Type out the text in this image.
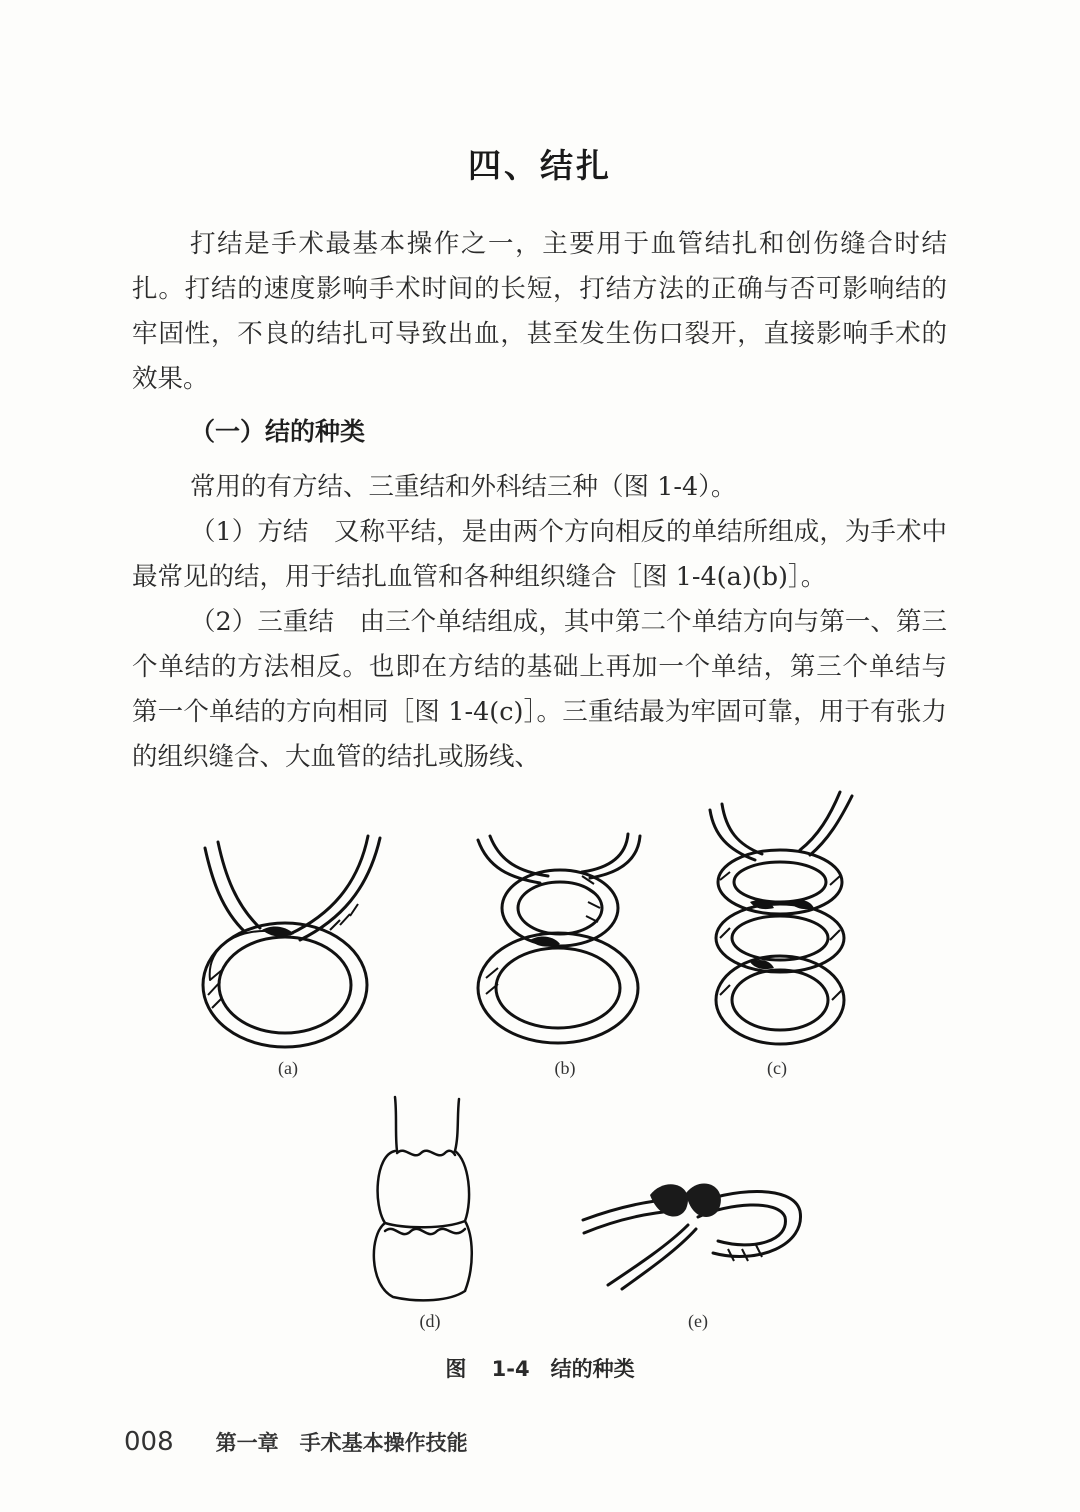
四、结扎

打结是手术最基本操作之一，主要用于血管结扎和创伤缝合时结扎。打结的速度影响手术时间的长短，打结方法的正确与否可影响结的牢固性，不良的结扎可导致出血，甚至发生伤口裂开，直接影响手术的效果。

（一）结的种类

常用的有方结、三重结和外科结三种（图 1-4）。

（1）方结　又称平结，是由两个方向相反的单结所组成，为手术中最常见的结，用于结扎血管和各种组织缝合［图 1-4(a)(b)］。

（2）三重结　由三个单结组成，其中第二个单结方向与第一、第三个单结的方法相反。也即在方结的基础上再加一个单结，第三个单结与第一个单结的方向相同［图 1-4(c)］。三重结最为牢固可靠，用于有张力的组织缝合、大血管的结扎或肠线、

(a)	(b)	(c)
(d)	(e)
图 1-4　结的种类
008 第一章　手术基本操作技能
